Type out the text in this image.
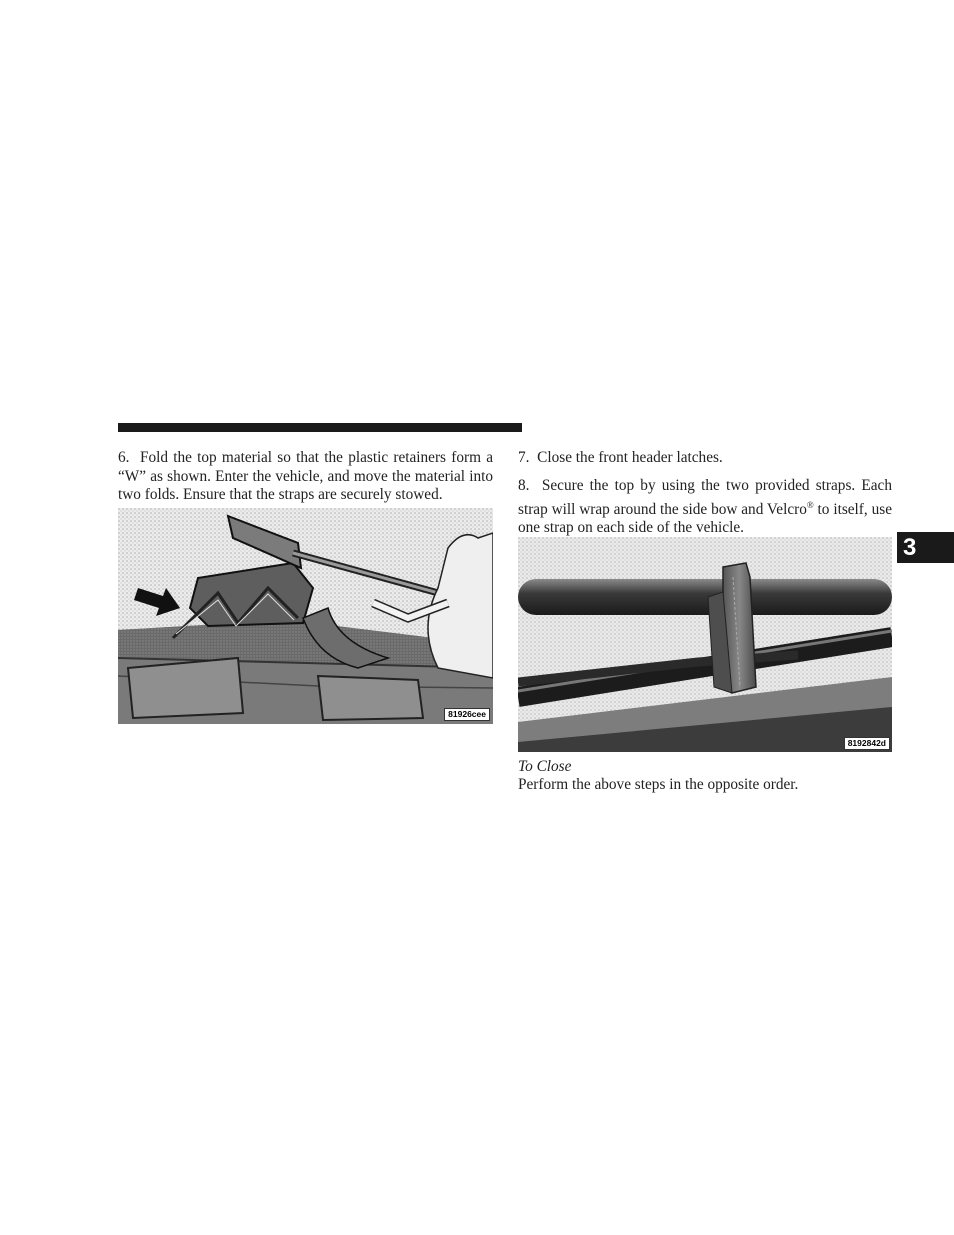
6. Fold the top material so that the plastic retainers form a “W” as shown. Enter the vehicle, and move the material into two folds. Ensure that the straps are securely stowed.

81926cee

7. Close the front header latches.

8. Secure the top by using the two provided straps. Each strap will wrap around the side bow and Velcro® to itself, use one strap on each side of the vehicle.

8192842d
To Close
Perform the above steps in the opposite order.
3
